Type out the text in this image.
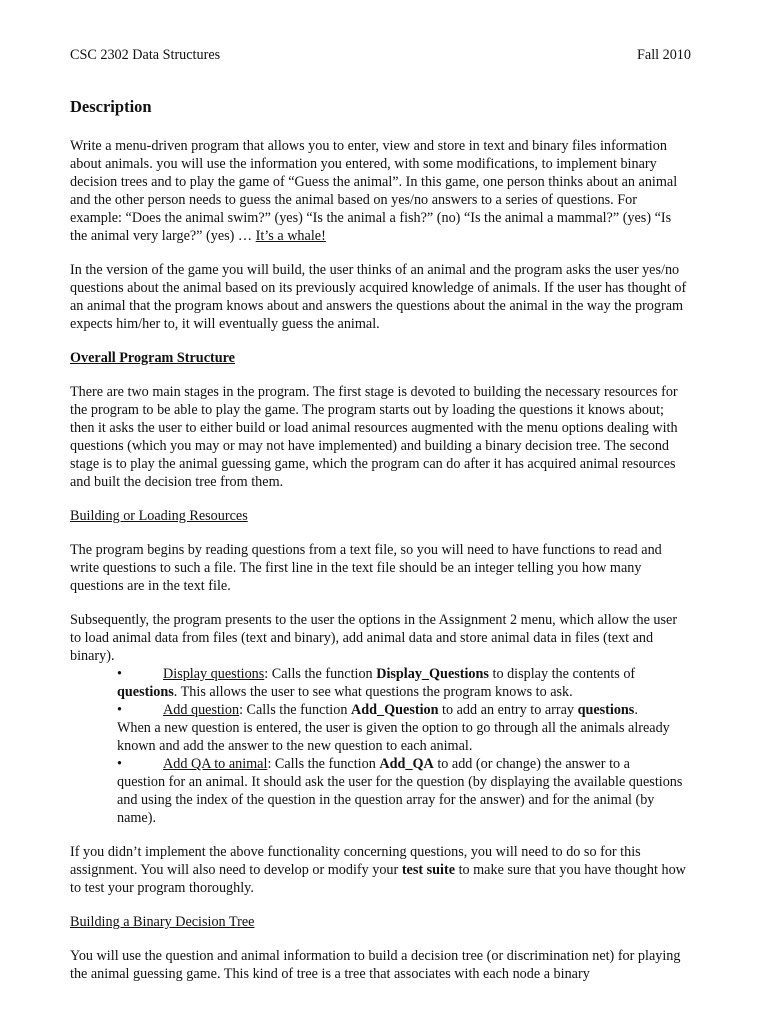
CSC 2302 Data Structures	Fall 2010
Description

Write a menu-driven program that allows you to enter, view and store in text and binary files information about animals. you will use the information you entered, with some modifications, to implement binary decision trees and to play the game of “Guess the animal”. In this game, one person thinks about an animal and the other person needs to guess the animal based on yes/no answers to a series of questions. For example: “Does the animal swim?” (yes) “Is the animal a fish?” (no) “Is the animal a mammal?” (yes) “Is the animal very large?” (yes) … It’s a whale!

In the version of the game you will build, the user thinks of an animal and the program asks the user yes/no questions about the animal based on its previously acquired knowledge of animals. If the user has thought of an animal that the program knows about and answers the questions about the animal in the way the program expects him/her to, it will eventually guess the animal.

Overall Program Structure

There are two main stages in the program. The first stage is devoted to building the necessary resources for the program to be able to play the game. The program starts out by loading the questions it knows about; then it asks the user to either build or load animal resources augmented with the menu options dealing with questions (which you may or may not have implemented) and building a binary decision tree. The second stage is to play the animal guessing game, which the program can do after it has acquired animal resources and built the decision tree from them.

Building or Loading Resources

The program begins by reading questions from a text file, so you will need to have functions to read and write questions to such a file. The first line in the text file should be an integer telling you how many questions are in the text file.

Subsequently, the program presents to the user the options in the Assignment 2 menu, which allow the user to load animal data from files (text and binary), add animal data and store animal data in files (text and binary).

•	Display questions: Calls the function Display_Questions to display the contents of
questions. This allows the user to see what questions the program knows to ask.
•	Add question: Calls the function Add_Question to add an entry to array questions.
When a new question is entered, the user is given the option to go through all the animals already known and add the answer to the new question to each animal.
•	Add QA to animal: Calls the function Add_QA to add (or change) the answer to a
question for an animal. It should ask the user for the question (by displaying the available questions and using the index of the question in the question array for the answer) and for the animal (by name).

If you didn’t implement the above functionality concerning questions, you will need to do so for this assignment. You will also need to develop or modify your test suite to make sure that you have thought how to test your program thoroughly.

Building a Binary Decision Tree

You will use the question and animal information to build a decision tree (or discrimination net) for playing the animal guessing game. This kind of tree is a tree that associates with each node a binary
